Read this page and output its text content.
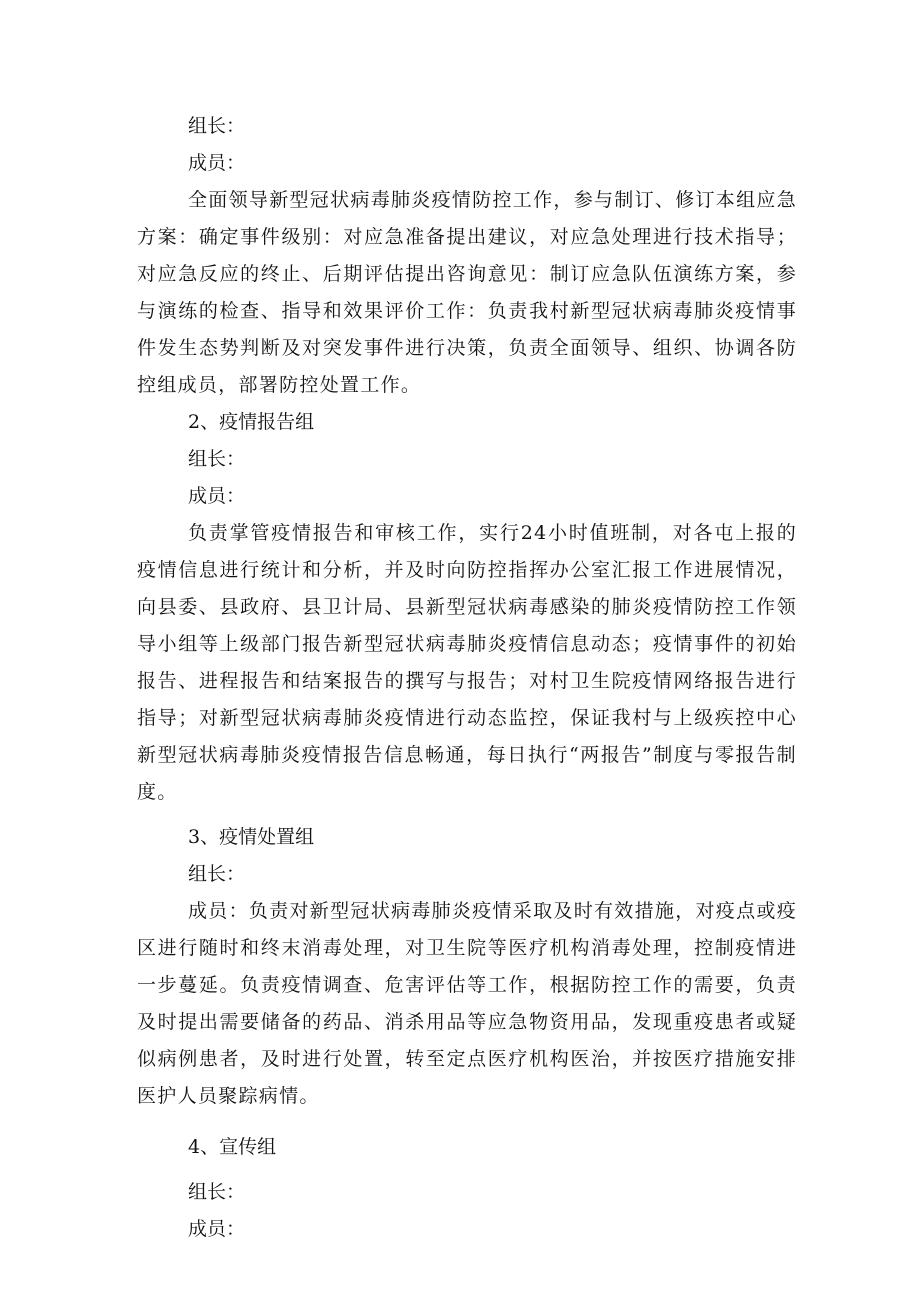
组长：

成员：

全面领导新型冠状病毒肺炎疫情防控工作，参与制订、修订本组应急方案：确定事件级别：对应急准备提出建议，对应急处理进行技术指导；对应急反应的终止、后期评估提出咨询意见：制订应急队伍演练方案，参与演练的检查、指导和效果评价工作：负责我村新型冠状病毒肺炎疫情事件发生态势判断及对突发事件进行决策，负责全面领导、组织、协调各防控组成员，部署防控处置工作。

2、疫情报告组

组长：

成员：

负责掌管疫情报告和审核工作，实行24小时值班制，对各屯上报的疫情信息进行统计和分析，并及时向防控指挥办公室汇报工作进展情况，向县委、县政府、县卫计局、县新型冠状病毒感染的肺炎疫情防控工作领导小组等上级部门报告新型冠状病毒肺炎疫情信息动态；疫情事件的初始报告、进程报告和结案报告的撰写与报告；对村卫生院疫情网络报告进行指导；对新型冠状病毒肺炎疫情进行动态监控，保证我村与上级疾控中心新型冠状病毒肺炎疫情报告信息畅通，每日执行“两报告”制度与零报告制度。

3、疫情处置组

组长：

成员：负责对新型冠状病毒肺炎疫情采取及时有效措施，对疫点或疫区进行随时和终末消毒处理，对卫生院等医疗机构消毒处理，控制疫情进一步蔓延。负责疫情调查、危害评估等工作，根据防控工作的需要，负责及时提出需要储备的药品、消杀用品等应急物资用品，发现重疫患者或疑似病例患者，及时进行处置，转至定点医疗机构医治，并按医疗措施安排医护人员聚踪病情。

4、宣传组

组长：

成员：
